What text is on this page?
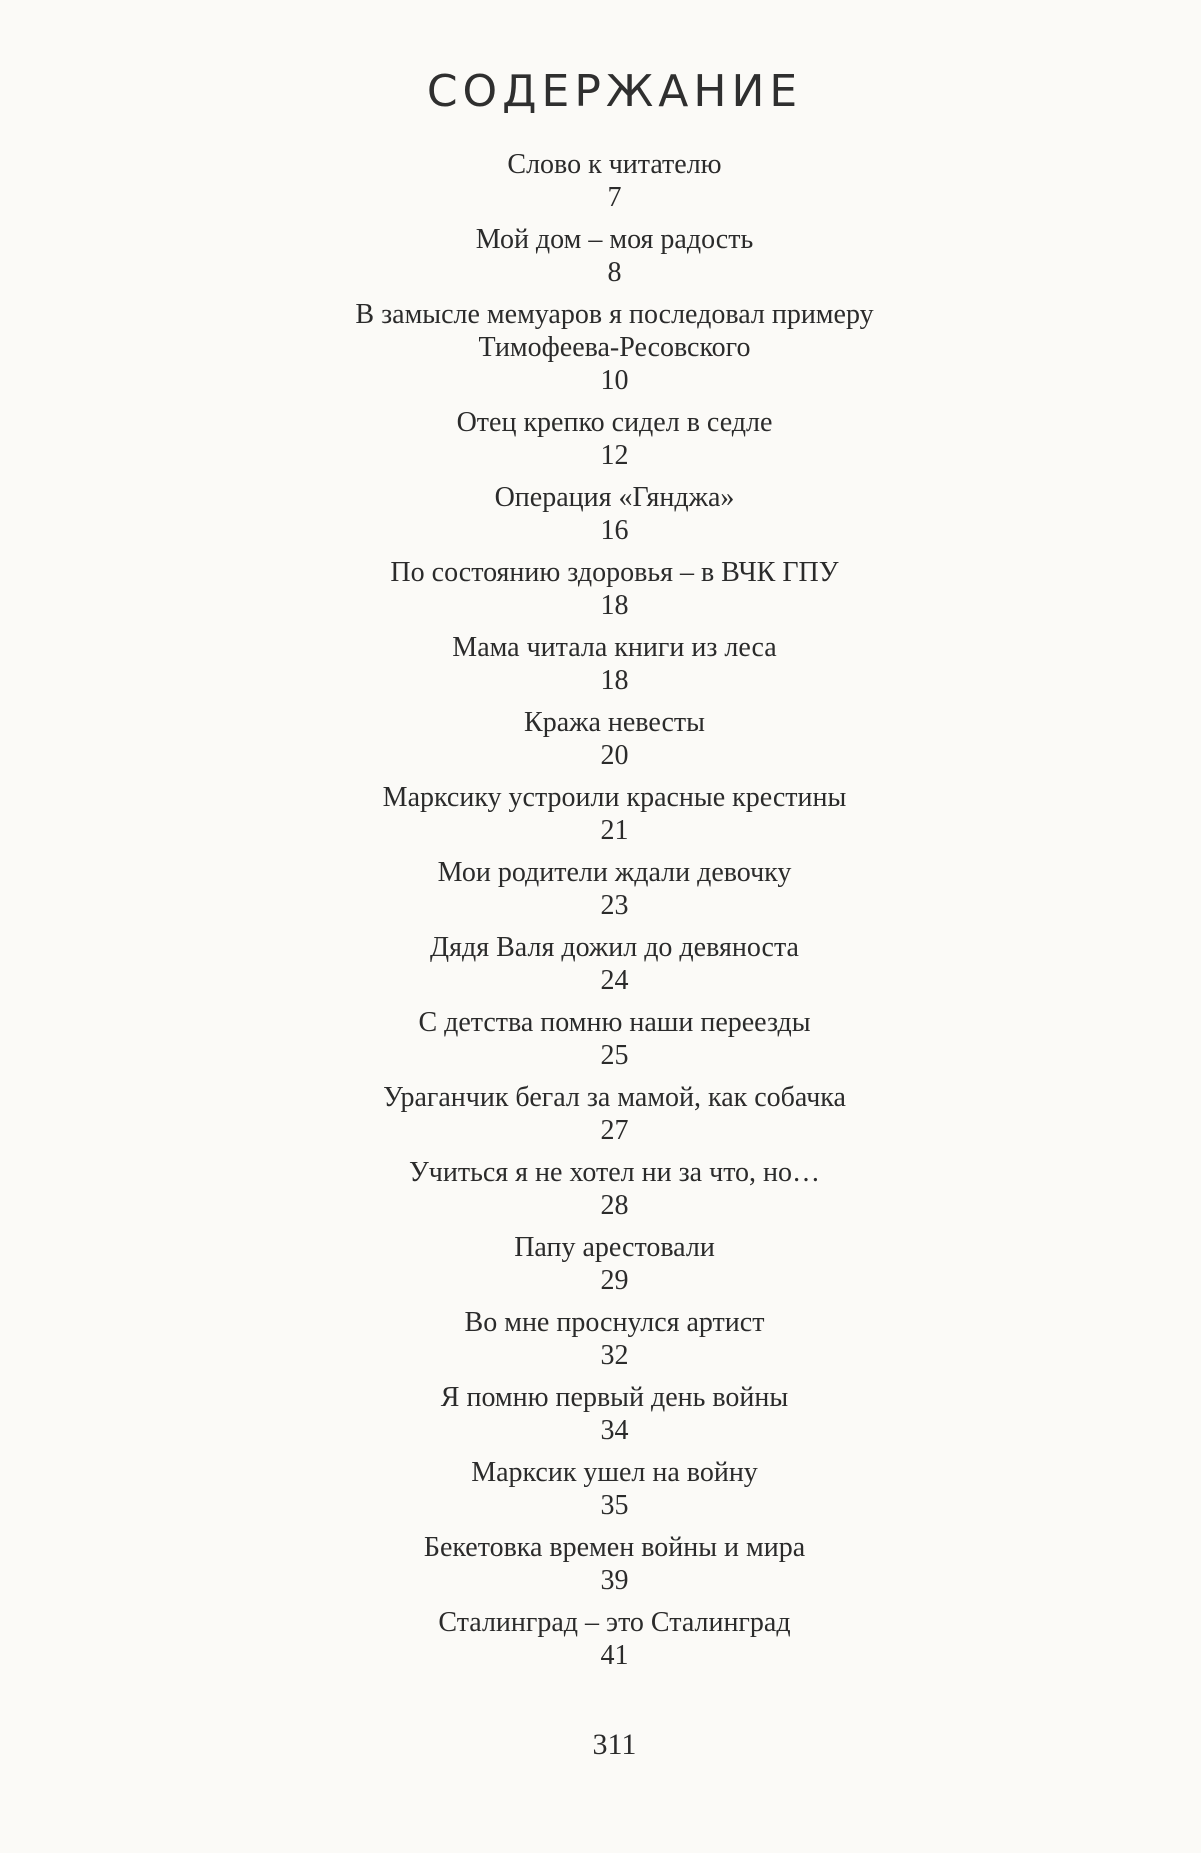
СОДЕРЖАНИЕ
Слово к читателю
7
Мой дом – моя радость
8
В замысле мемуаров я последовал примеру Тимофеева-Ресовского
10
Отец крепко сидел в седле
12
Операция «Гянджа»
16
По состоянию здоровья – в ВЧК ГПУ
18
Мама читала книги из леса
18
Кража невесты
20
Марксику устроили красные крестины
21
Мои родители ждали девочку
23
Дядя Валя дожил до девяноста
24
С детства помню наши переезды
25
Ураганчик бегал за мамой, как собачка
27
Учиться я не хотел ни за что, но…
28
Папу арестовали
29
Во мне проснулся артист
32
Я помню первый день войны
34
Марксик ушел на войну
35
Бекетовка времен войны и мира
39
Сталинград – это Сталинград
41
311
